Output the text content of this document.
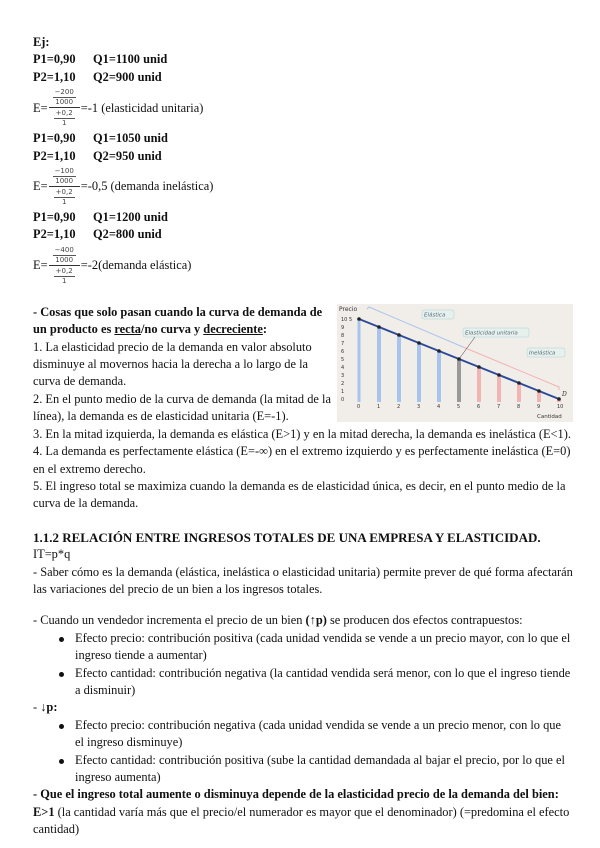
Ej:
P1=0,90 Q1=1100 unid
P2=1,10 Q2=900 unid
E= −200
1000
+0,2
1 =-1 (elasticidad unitaria)
P1=0,90 Q1=1050 unid
P2=1,10 Q2=950 unid
E= −100
1000
+0,2
1 =-0,5 (demanda inelástica)
P1=0,90 Q1=1200 unid
P2=1,10 Q2=800 unid
E= −400
1000
+0,2
1 =-2(demanda elástica)
Precio
Cantidad
0
1
2
3
4
5
6
7
8
9
10 5
0	1	2	3	4	5	6	7	8	9	10
Elástica
Elasticidad unitaria
Inelástica
D
- Cosas que solo pasan cuando la curva de demanda de un producto es recta/no curva y decreciente:
1. La elasticidad precio de la demanda en valor absoluto disminuye al movernos hacia la derecha a lo largo de la curva de demanda.
2. En el punto medio de la curva de demanda (la mitad de la línea), la demanda es de elasticidad unitaria (E=-1).
3. En la mitad izquierda, la demanda es elástica (E>1) y en la mitad derecha, la demanda es inelástica (E<1).
4. La demanda es perfectamente elástica (E=-∞) en el extremo izquierdo y es perfectamente inelástica (E=0) en el extremo derecho.
5. El ingreso total se maximiza cuando la demanda es de elasticidad única, es decir, en el punto medio de la curva de la demanda.
1.1.2 RELACIÓN ENTRE INGRESOS TOTALES DE UNA EMPRESA Y ELASTICIDAD.
IT=p*q
- Saber cómo es la demanda (elástica, inelástica o elasticidad unitaria) permite prever de qué forma afectarán las variaciones del precio de un bien a los ingresos totales.
- Cuando un vendedor incrementa el precio de un bien (↑p) se producen dos efectos contrapuestos:
Efecto precio: contribución positiva (cada unidad vendida se vende a un precio mayor, con lo que el ingreso tiende a aumentar)
Efecto cantidad: contribución negativa (la cantidad vendida será menor, con lo que el ingreso tiende a disminuir)
- ↓p:
Efecto precio: contribución negativa (cada unidad vendida se vende a un precio menor, con lo que el ingreso disminuye)
Efecto cantidad: contribución positiva (sube la cantidad demandada al bajar el precio, por lo que el ingreso aumenta)
- Que el ingreso total aumente o disminuya depende de la elasticidad precio de la demanda del bien:
E>1 (la cantidad varía más que el precio/el numerador es mayor que el denominador) (=predomina el efecto cantidad)
